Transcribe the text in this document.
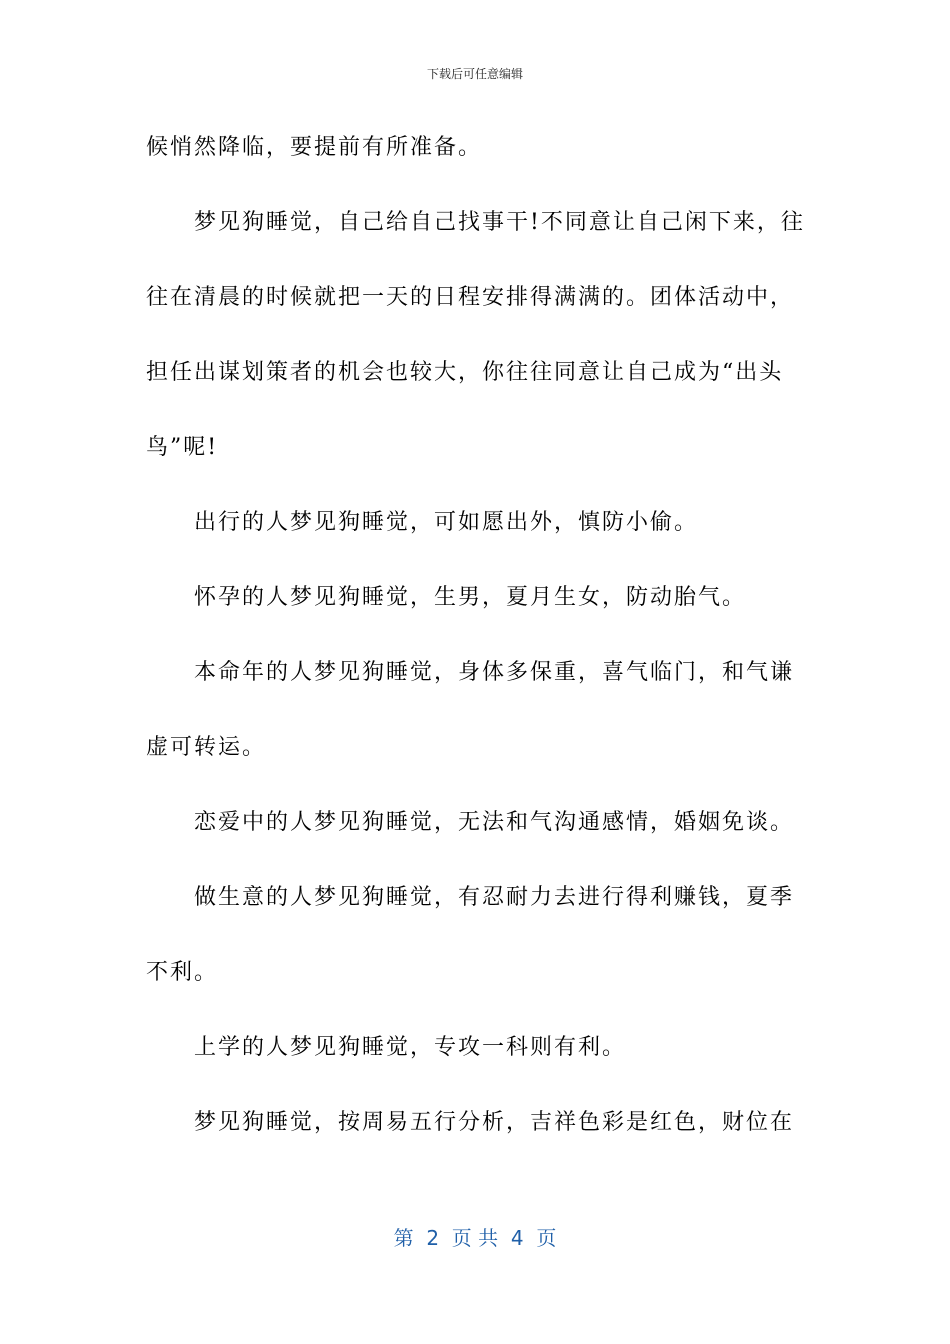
下载后可任意编辑

候悄然降临，要提前有所准备。

梦见狗睡觉，自己给自己找事干!不同意让自己闲下来，往往在清晨的时候就把一天的日程安排得满满的。团体活动中，担任出谋划策者的机会也较大，你往往同意让自己成为“出头鸟”呢!

出行的人梦见狗睡觉，可如愿出外，慎防小偷。

怀孕的人梦见狗睡觉，生男，夏月生女，防动胎气。

本命年的人梦见狗睡觉，身体多保重，喜气临门，和气谦虚可转运。

恋爱中的人梦见狗睡觉，无法和气沟通感情，婚姻免谈。

做生意的人梦见狗睡觉，有忍耐力去进行得利赚钱，夏季不利。

上学的人梦见狗睡觉，专攻一科则有利。

梦见狗睡觉，按周易五行分析，吉祥色彩是红色，财位在

第  2  页 共  4  页
